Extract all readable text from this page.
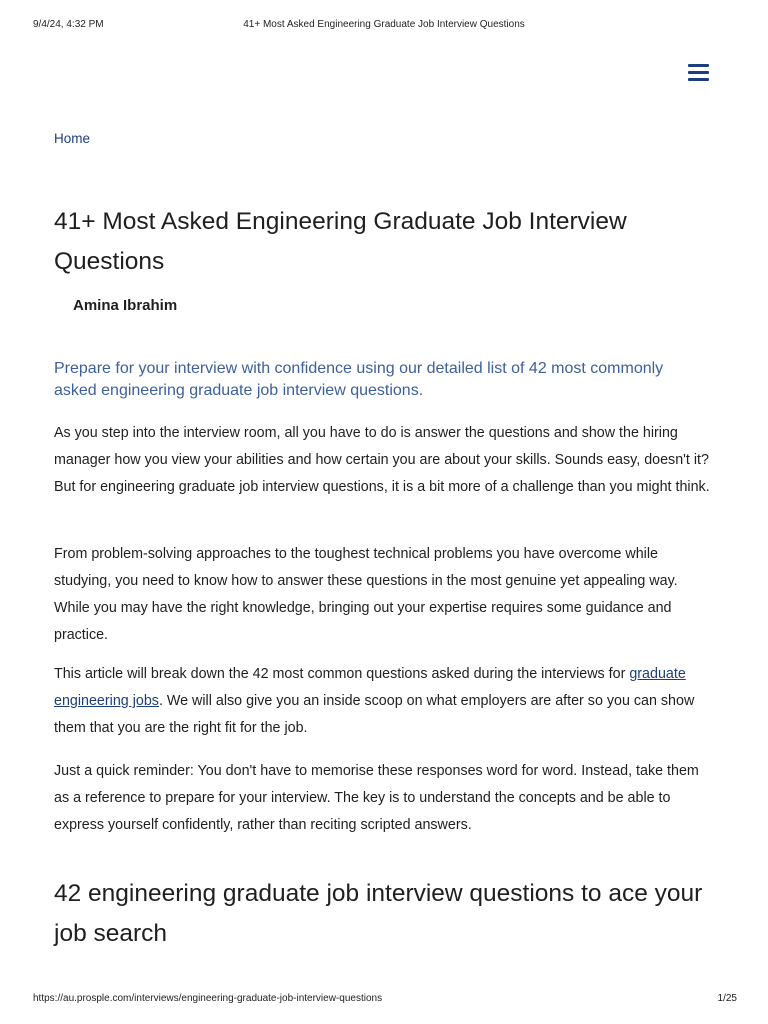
9/4/24, 4:32 PM	41+ Most Asked Engineering Graduate Job Interview Questions
Home
41+ Most Asked Engineering Graduate Job Interview Questions
Amina Ibrahim
Prepare for your interview with confidence using our detailed list of 42 most commonly asked engineering graduate job interview questions.

As you step into the interview room, all you have to do is answer the questions and show the hiring manager how you view your abilities and how certain you are about your skills. Sounds easy, doesn't it? But for engineering graduate job interview questions, it is a bit more of a challenge than you might think.

From problem-solving approaches to the toughest technical problems you have overcome while studying, you need to know how to answer these questions in the most genuine yet appealing way. While you may have the right knowledge, bringing out your expertise requires some guidance and practice.

This article will break down the 42 most common questions asked during the interviews for graduate engineering jobs. We will also give you an inside scoop on what employers are after so you can show them that you are the right fit for the job.

Just a quick reminder: You don't have to memorise these responses word for word. Instead, take them as a reference to prepare for your interview. The key is to understand the concepts and be able to express yourself confidently, rather than reciting scripted answers.

42 engineering graduate job interview questions to ace your job search
https://au.prosple.com/interviews/engineering-graduate-job-interview-questions	1/25
